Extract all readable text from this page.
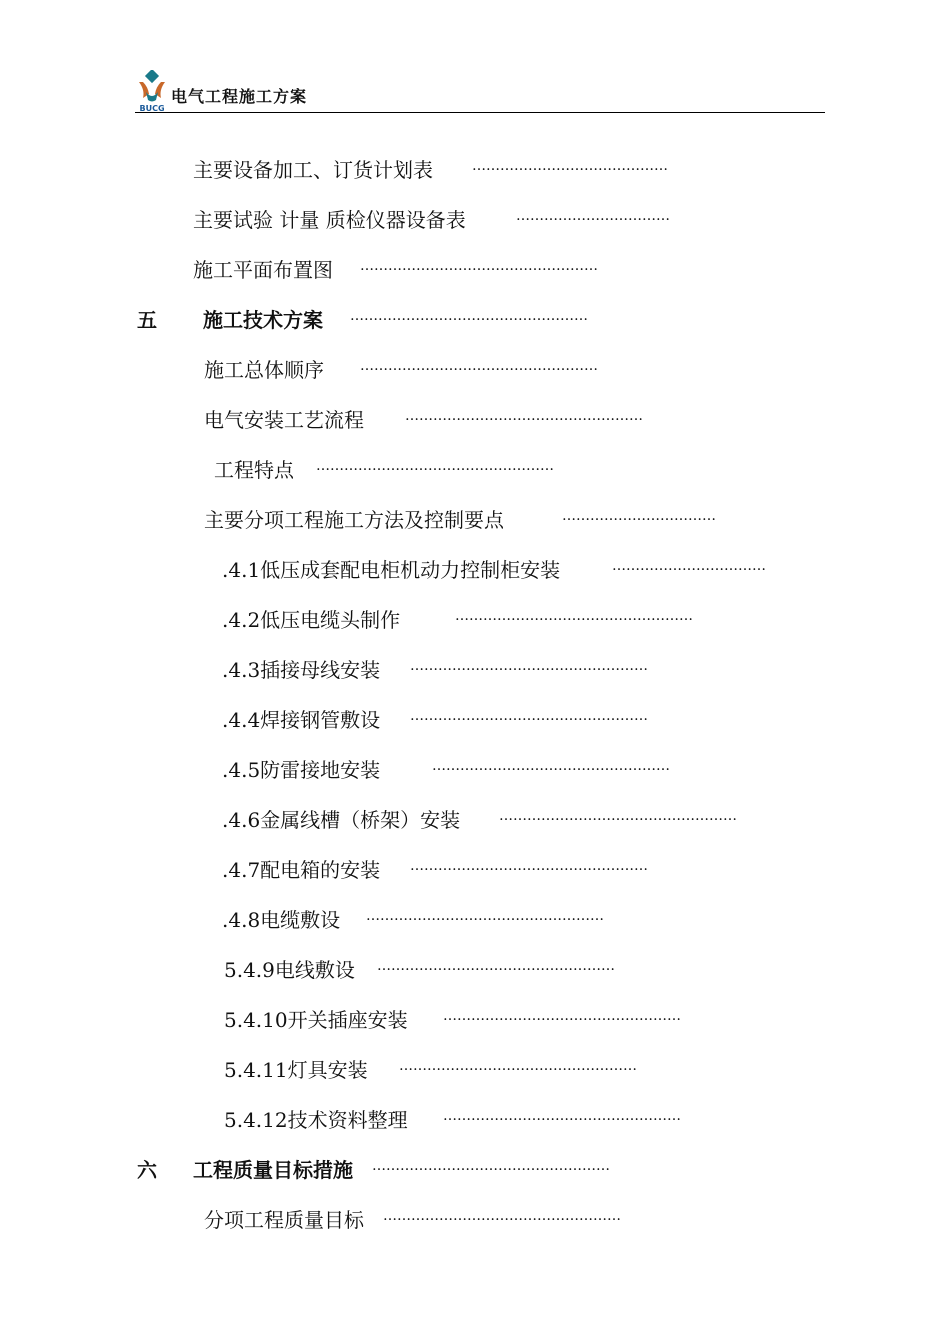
BUCG
电气工程施工方案
主要设备加工、订货计划表	……………………………………
主要试验 计量 质检仪器设备表	……………………………
施工平面布置图 ……………………………………………
五 施工技术方案 ……………………………………………
施工总体顺序	……………………………………………
电气安装工艺流程	……………………………………………
工程特点 ……………………………………………
主要分项工程施工方法及控制要点	……………………………
.4.1低压成套配电柜机动力控制柜安装	……………………………
.4.2低压电缆头制作	……………………………………………
.4.3插接母线安装 ……………………………………………
.4.4焊接钢管敷设 ……………………………………………
.4.5防雷接地安装	……………………………………………
.4.6金属线槽（桥架）安装	……………………………………………
.4.7配电箱的安装 ……………………………………………
.4.8电缆敷设 ……………………………………………
5.4.9电线敷设 ……………………………………………
5.4.10开关插座安装	……………………………………………
5.4.11灯具安装 ……………………………………………
5.4.12技术资料整理	……………………………………………
六 工程质量目标措施 ……………………………………………
分项工程质量目标 ……………………………………………
